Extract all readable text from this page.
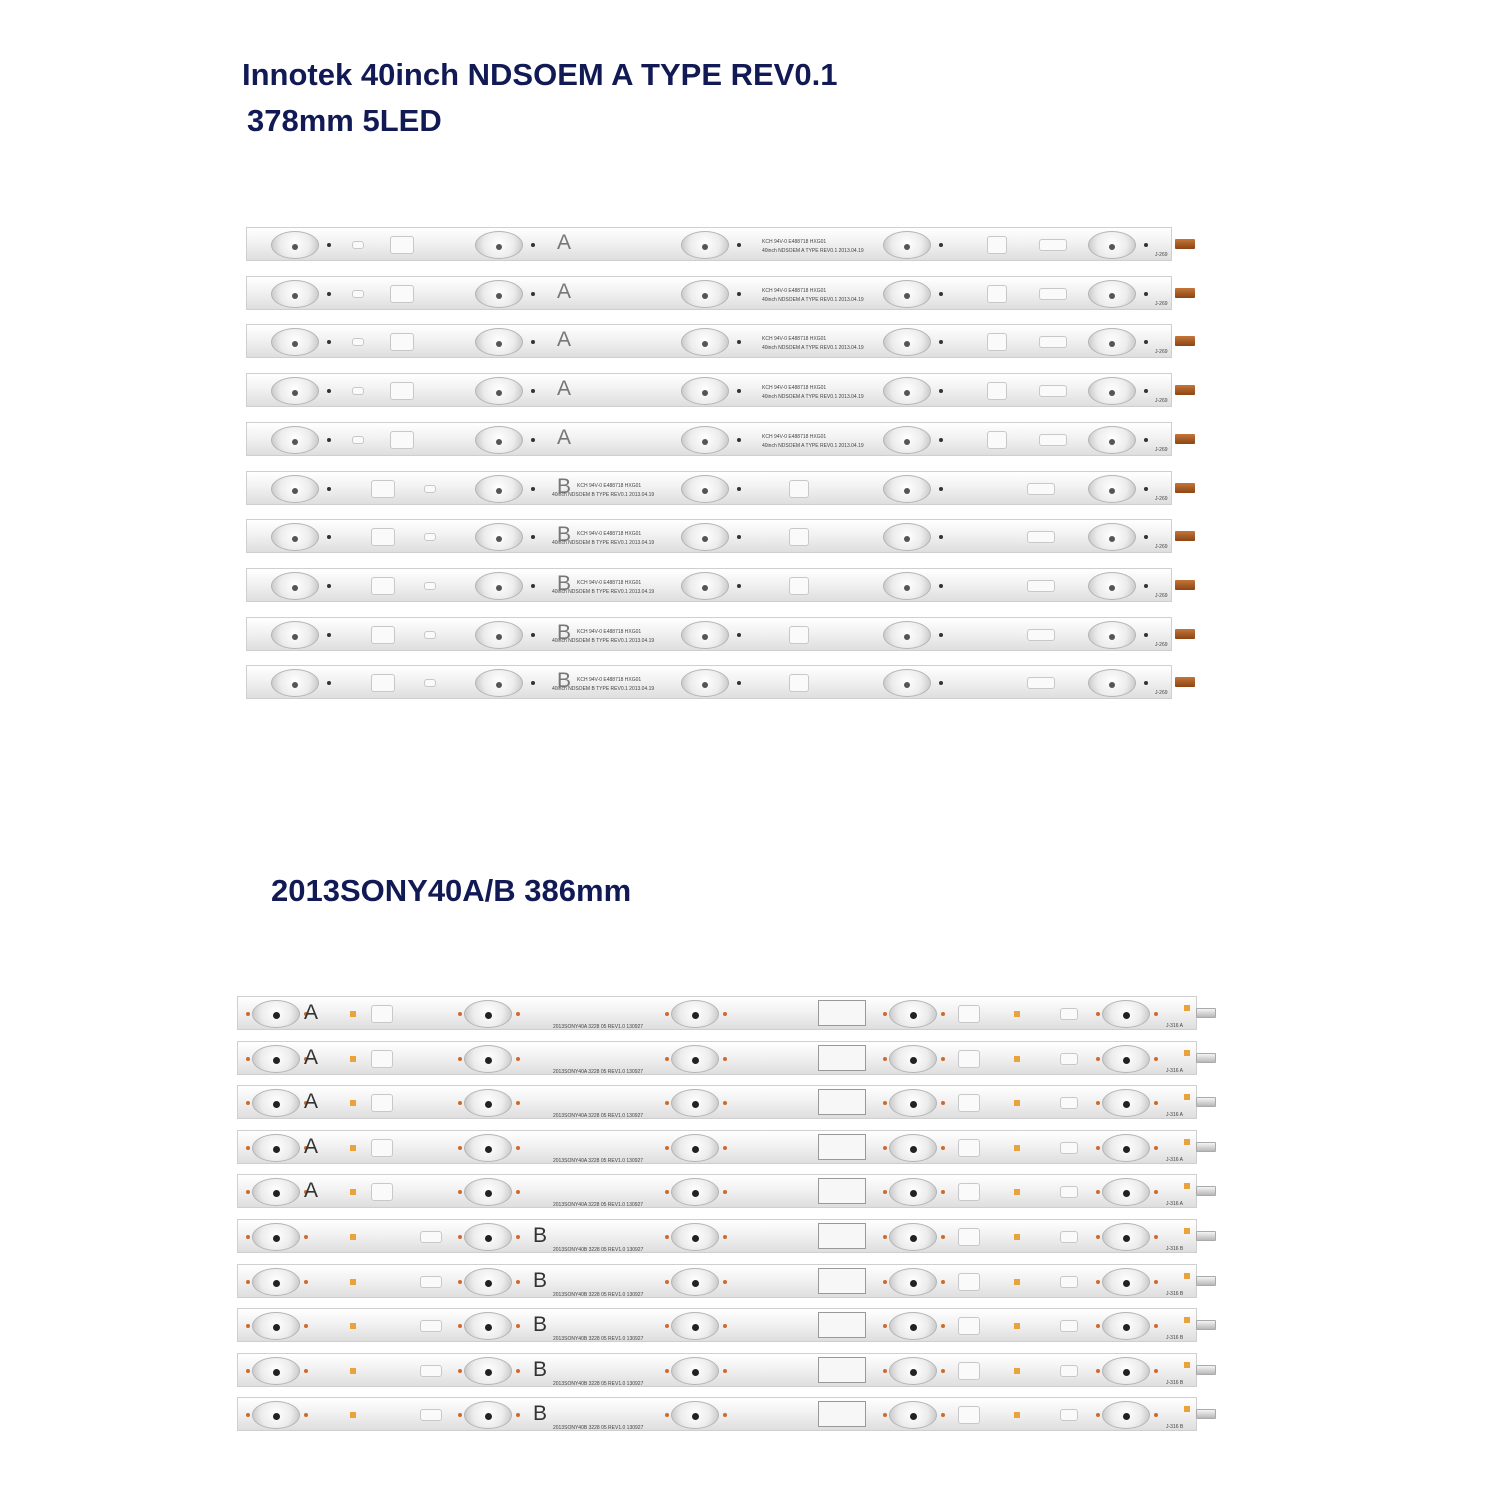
Innotek 40inch NDSOEM A TYPE REV0.1
378mm 5LED
A	KCH 94V-0 E488718 HXG01
40inch NDSOEM A TYPE REV0.1 2013.04.19
J-269
A	KCH 94V-0 E488718 HXG01
40inch NDSOEM A TYPE REV0.1 2013.04.19
J-269
A	KCH 94V-0 E488718 HXG01
40inch NDSOEM A TYPE REV0.1 2013.04.19
J-269
A	KCH 94V-0 E488718 HXG01
40inch NDSOEM A TYPE REV0.1 2013.04.19
J-269
A	KCH 94V-0 E488718 HXG01
40inch NDSOEM A TYPE REV0.1 2013.04.19
J-269
B KCH 94V-0 E488718 HXG01
40inch NDSOEM B TYPE REV0.1 2013.04.19
J-269
B KCH 94V-0 E488718 HXG01
40inch NDSOEM B TYPE REV0.1 2013.04.19
J-269
B KCH 94V-0 E488718 HXG01
40inch NDSOEM B TYPE REV0.1 2013.04.19
J-269
B KCH 94V-0 E488718 HXG01
40inch NDSOEM B TYPE REV0.1 2013.04.19
J-269
B KCH 94V-0 E488718 HXG01
40inch NDSOEM B TYPE REV0.1 2013.04.19
J-269
2013SONY40A/B 386mm
A
2013SONY40A 3228 05 REV1.0 130927	J-316 A
A
2013SONY40A 3228 05 REV1.0 130927	J-316 A
A
2013SONY40A 3228 05 REV1.0 130927	J-316 A
A
2013SONY40A 3228 05 REV1.0 130927	J-316 A
A
2013SONY40A 3228 05 REV1.0 130927	J-316 A
B
2013SONY40B 3228 05 REV1.0 130927	J-316 B
B
2013SONY40B 3228 05 REV1.0 130927	J-316 B
B
2013SONY40B 3228 05 REV1.0 130927	J-316 B
B
2013SONY40B 3228 05 REV1.0 130927	J-316 B
B
2013SONY40B 3228 05 REV1.0 130927	J-316 B
